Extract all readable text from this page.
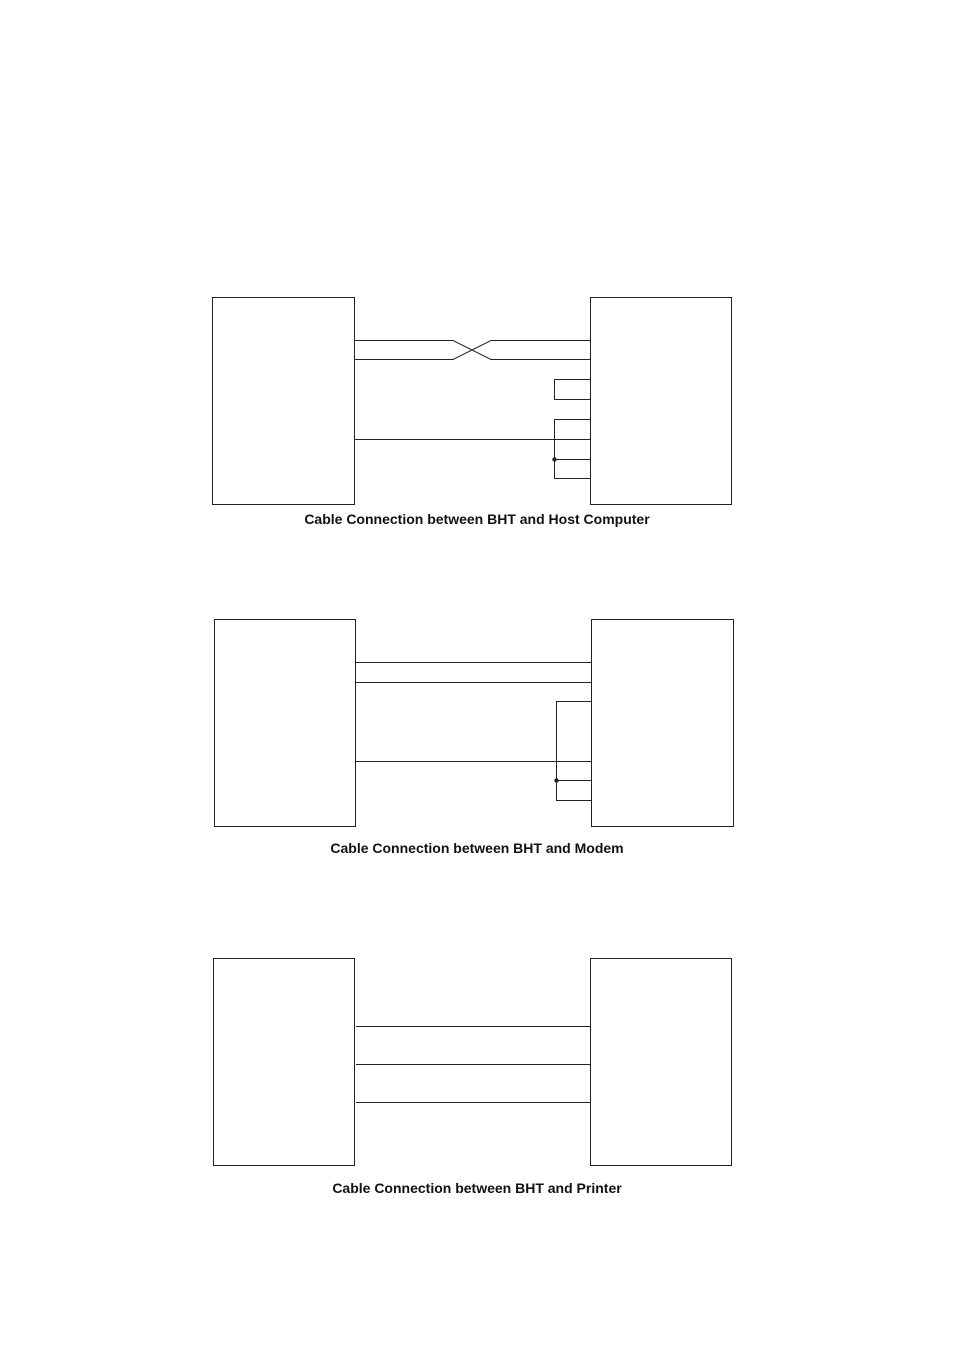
Cable Connection between BHT and Host Computer
Cable Connection between BHT and Modem
Cable Connection between BHT and Printer
